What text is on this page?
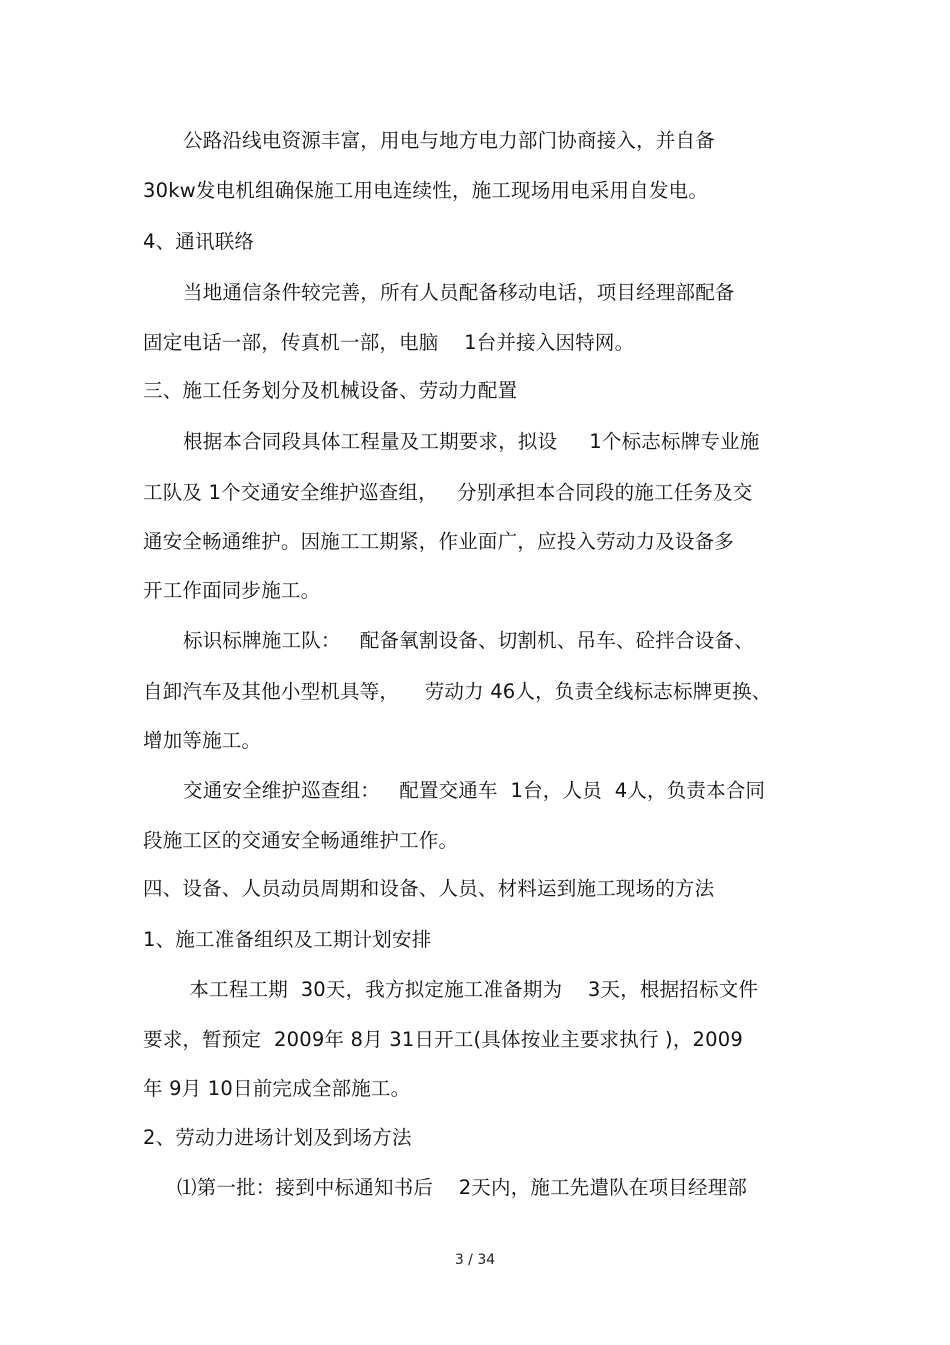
公路沿线电资源丰富，用电与地方电力部门协商接入，并自备
30kw发电机组确保施工用电连续性，施工现场用电采用自发电。
4、通讯联络
当地通信条件较完善，所有人员配备移动电话，项目经理部配备
固定电话一部，传真机一部，电脑    1台并接入因特网。
三、施工任务划分及机械设备、劳动力配置
根据本合同段具体工程量及工期要求，拟设     1个标志标牌专业施
工队及 1个交通安全维护巡查组，   分别承担本合同段的施工任务及交
通安全畅通维护。因施工工期紧，作业面广，应投入劳动力及设备多
开工作面同步施工。
标识标牌施工队：   配备氧割设备、切割机、吊车、砼拌合设备、
自卸汽车及其他小型机具等，    劳动力 46人，负责全线标志标牌更换、
增加等施工。
交通安全维护巡查组：   配置交通车  1台，人员  4人，负责本合同
段施工区的交通安全畅通维护工作。
四、设备、人员动员周期和设备、人员、材料运到施工现场的方法
1、施工准备组织及工期计划安排
本工程工期  30天，我方拟定施工准备期为    3天，根据招标文件
要求，暂预定  2009年 8月 31日开工(具体按业主要求执行 )，2009
年 9月 10日前完成全部施工。
2、劳动力进场计划及到场方法
⑴第一批：接到中标通知书后    2天内，施工先遣队在项目经理部
3 / 34
